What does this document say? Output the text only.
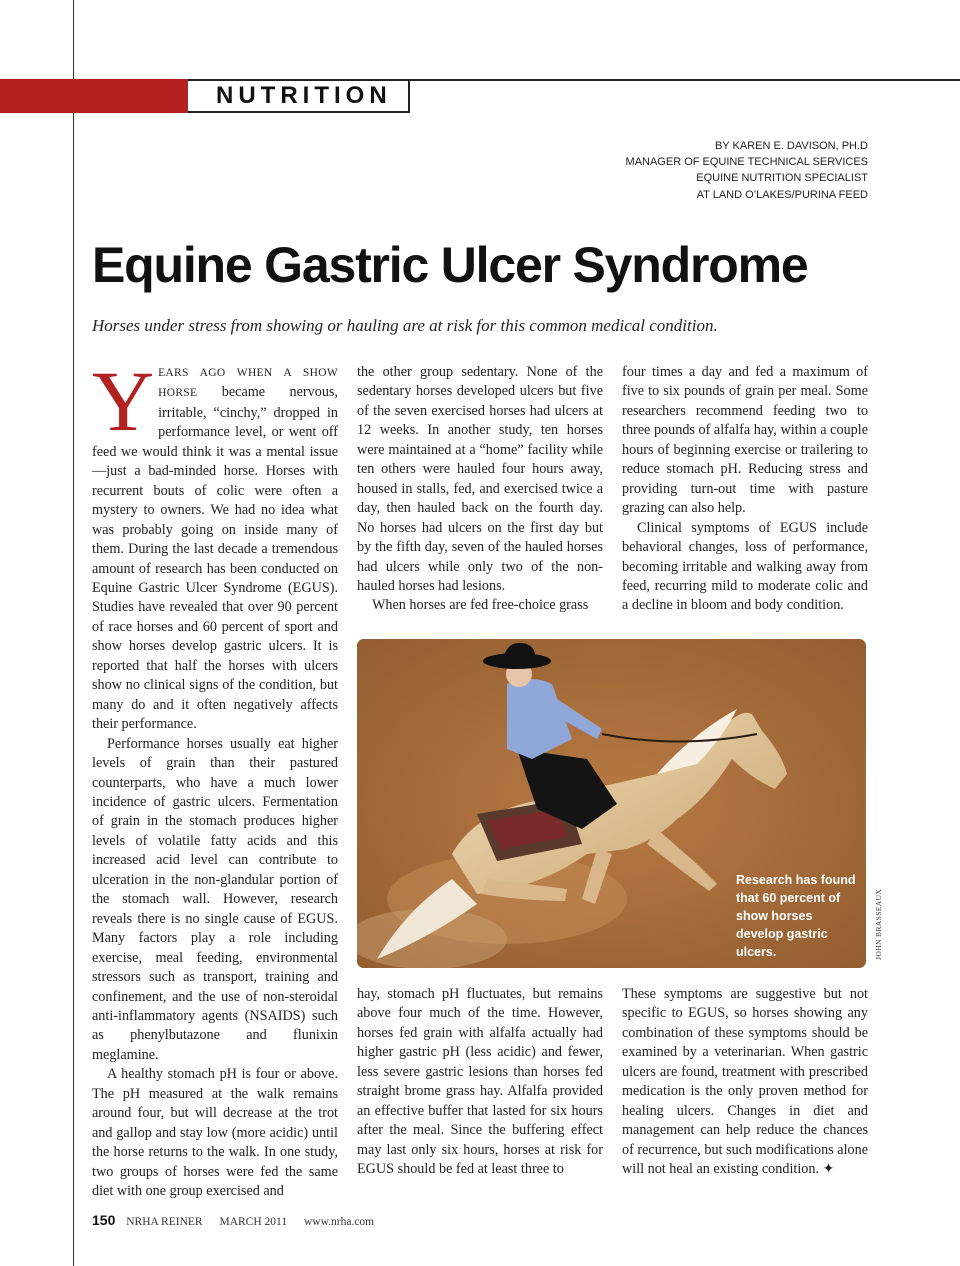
NUTRITION
BY KAREN E. DAVISON, PH.D
MANAGER OF EQUINE TECHNICAL SERVICES
EQUINE NUTRITION SPECIALIST
AT LAND O’LAKES/PURINA FEED
Equine Gastric Ulcer Syndrome
Horses under stress from showing or hauling are at risk for this common medical condition.

YEARS AGO WHEN A SHOW HORSE became nervous, irritable, “cinchy,” dropped in performance level, or went off feed we would think it was a mental issue—just a bad-minded horse. Horses with recurrent bouts of colic were often a mystery to owners. We had no idea what was probably going on inside many of them. During the last decade a tremendous amount of research has been conducted on Equine Gastric Ulcer Syndrome (EGUS). Studies have revealed that over 90 percent of race horses and 60 percent of sport and show horses develop gastric ulcers. It is reported that half the horses with ulcers show no clinical signs of the condition, but many do and it often negatively affects their performance.

Performance horses usually eat higher levels of grain than their pastured counterparts, who have a much lower incidence of gastric ulcers. Fermentation of grain in the stomach produces higher levels of volatile fatty acids and this increased acid level can contribute to ulceration in the non-glandular portion of the stomach wall. However, research reveals there is no single cause of EGUS. Many factors play a role including exercise, meal feeding, environmental stressors such as transport, training and confinement, and the use of non-steroidal anti-inflammatory agents (NSAIDS) such as phenylbutazone and flunixin meglamine.

A healthy stomach pH is four or above. The pH measured at the walk remains around four, but will decrease at the trot and gallop and stay low (more acidic) until the horse returns to the walk. In one study, two groups of horses were fed the same diet with one group exercised and

the other group sedentary. None of the sedentary horses developed ulcers but five of the seven exercised horses had ulcers at 12 weeks. In another study, ten horses were maintained at a “home” facility while ten others were hauled four hours away, housed in stalls, fed, and exercised twice a day, then hauled back on the fourth day. No horses had ulcers on the first day but by the fifth day, seven of the hauled horses had ulcers while only two of the non-hauled horses had lesions.

When horses are fed free-choice grass

four times a day and fed a maximum of five to six pounds of grain per meal. Some researchers recommend feeding two to three pounds of alfalfa hay, within a couple hours of beginning exercise or trailering to reduce stomach pH. Reducing stress and providing turn-out time with pasture grazing can also help.

Clinical symptoms of EGUS include behavioral changes, loss of performance, becoming irritable and walking away from feed, recurring mild to moderate colic and a decline in bloom and body condition.

Research has found that 60 percent of show horses develop gastric ulcers.	JOHN BRASSEAUX

hay, stomach pH fluctuates, but remains above four much of the time. However, horses fed grain with alfalfa actually had higher gastric pH (less acidic) and fewer, less severe gastric lesions than horses fed straight brome grass hay. Alfalfa provided an effective buffer that lasted for six hours after the meal. Since the buffering effect may last only six hours, horses at risk for EGUS should be fed at least three to

These symptoms are suggestive but not specific to EGUS, so horses showing any combination of these symptoms should be examined by a veterinarian. When gastric ulcers are found, treatment with prescribed medication is the only proven method for healing ulcers. Changes in diet and management can help reduce the chances of recurrence, but such modifications alone will not heal an existing condition. ✦

150 NRHA REINER MARCH 2011 www.nrha.com
